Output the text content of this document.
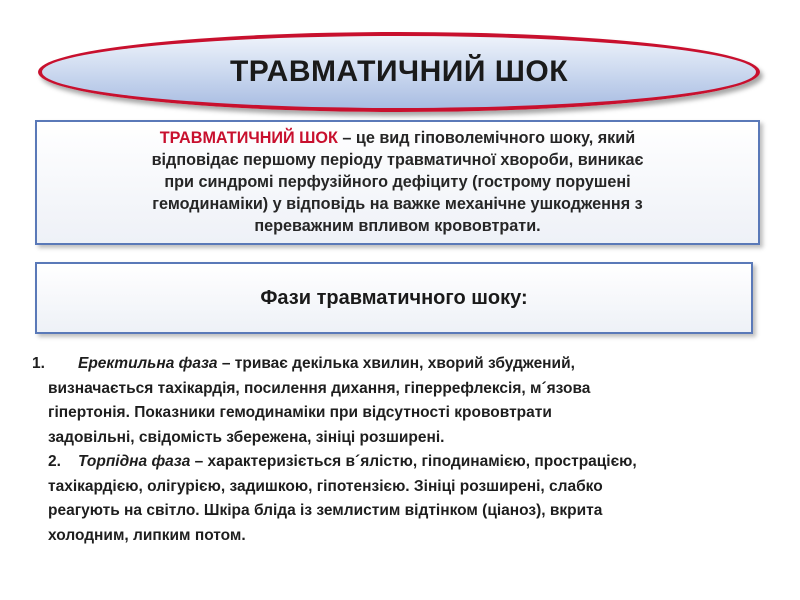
ТРАВМАТИЧНИЙ ШОК
ТРАВМАТИЧНИЙ ШОК – це вид гіповолемічного шоку, який
відповідає першому періоду травматичної хвороби, виникає
при синдромі перфузійного дефіциту (гострому порушені
гемодинаміки) у відповідь на важке механічне ушкодження з
переважним впливом крововтрати.
Фази травматичного шоку:
1. Еректильна фаза – триває декілька хвилин, хворий збуджений,
визначається тахікардія, посилення дихання, гіперрефлексія, м´язова
гіпертонія. Показники гемодинаміки при відсутності крововтрати
задовільні, свідомість збережена, зініці розширені.
2. Торпідна фаза – характеризіється в´ялістю, гіподинамією, прострацією,
тахікардією, олігурією, задишкою, гіпотензією. Зініці розширені, слабко
реагують на світло. Шкіра бліда із землистим відтінком (ціаноз), вкрита
холодним, липким потом.
